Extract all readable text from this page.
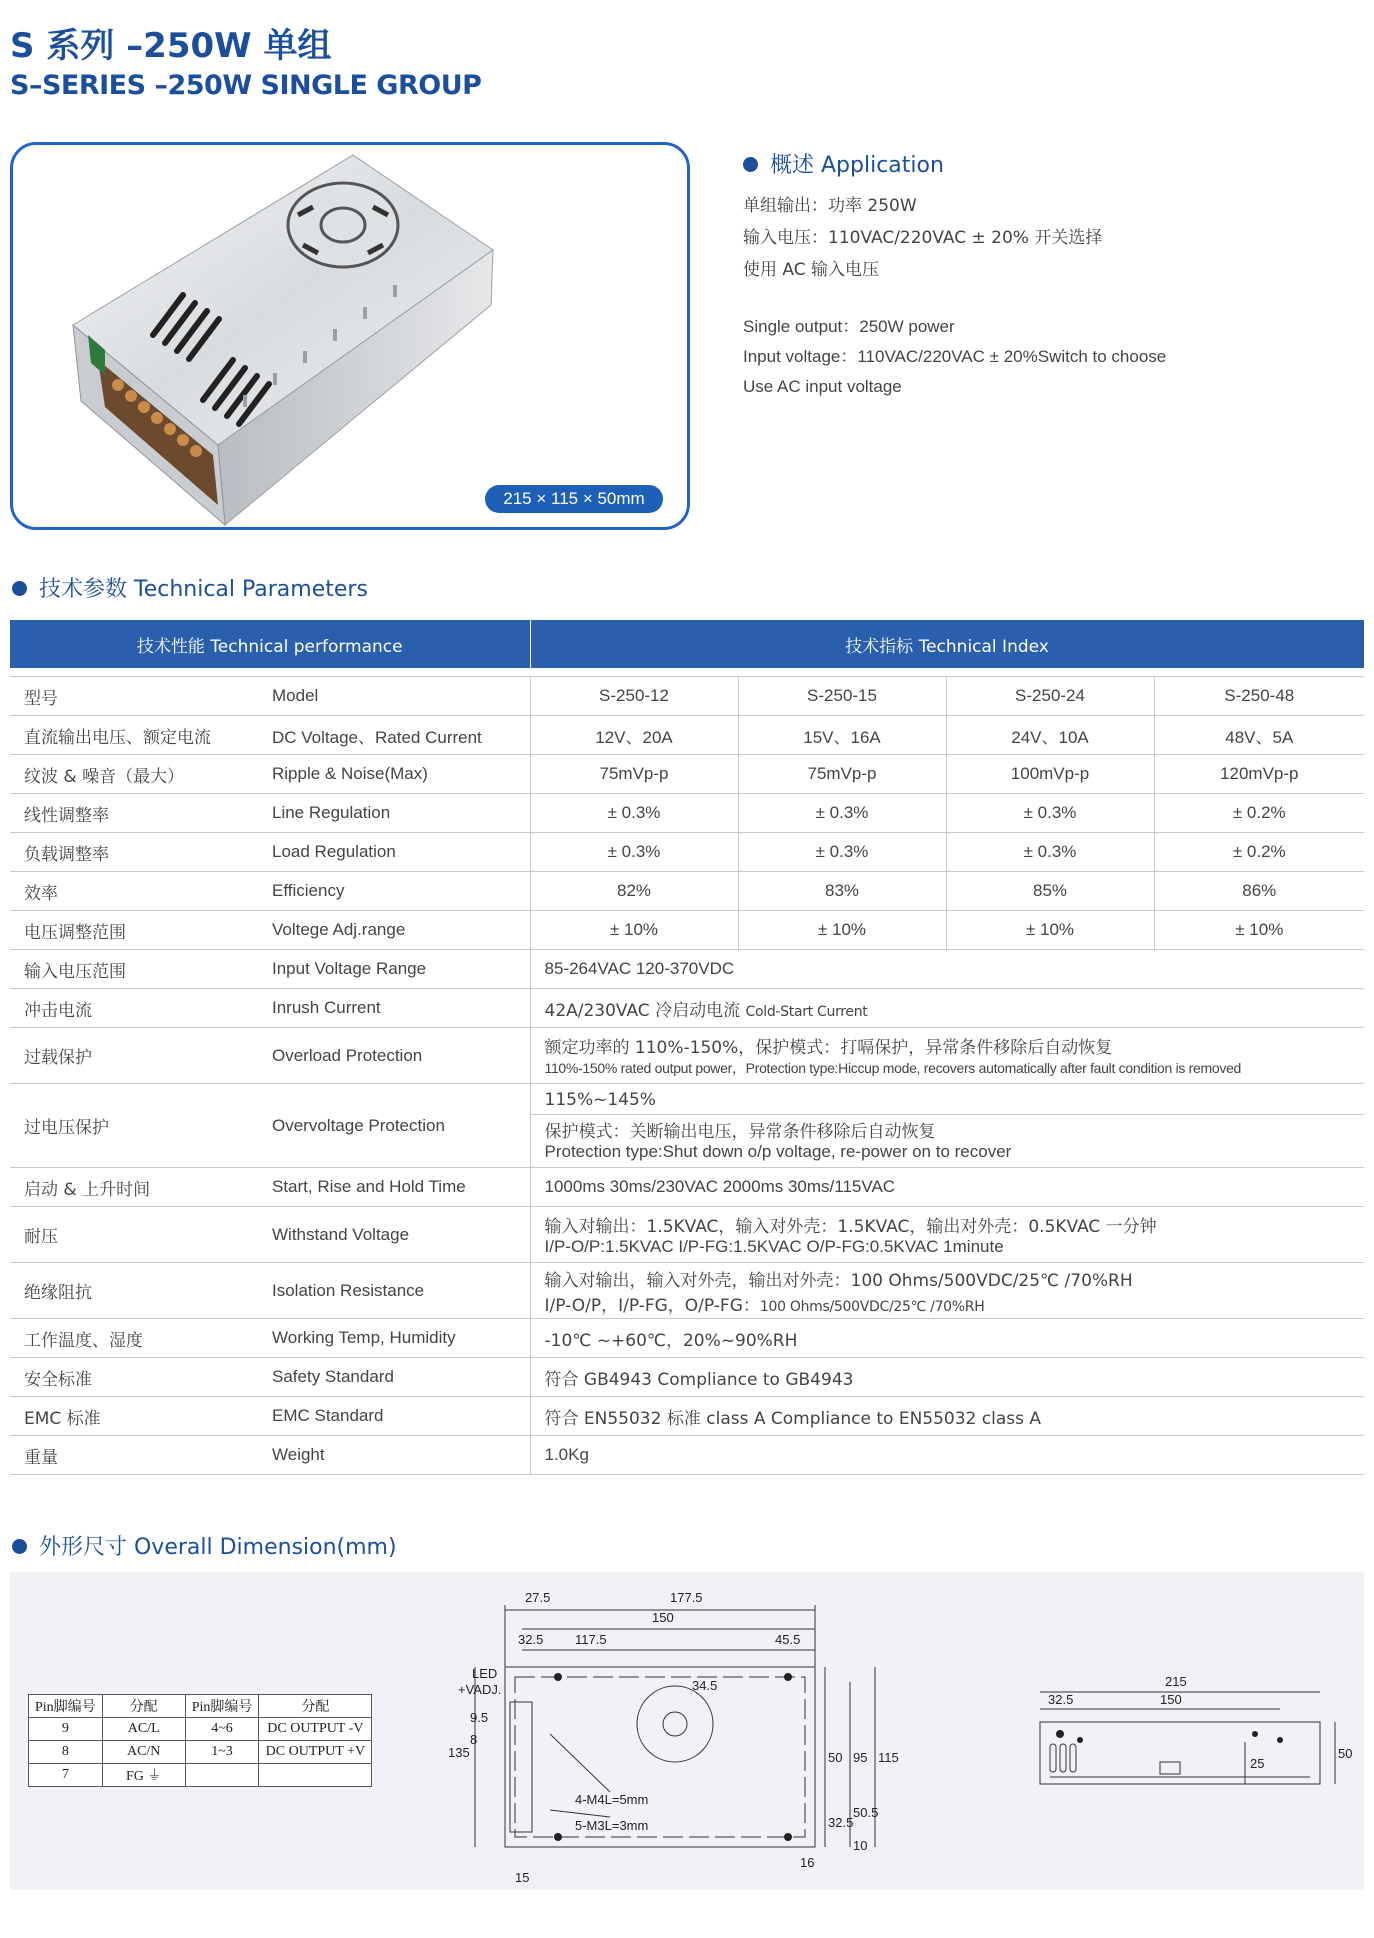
S 系列 –250W 单组
S–SERIES –250W SINGLE GROUP
215 × 115 × 50mm
概述 Application
单组输出：功率 250W
输入电压：110VAC/220VAC ± 20% 开关选择
使用 AC 输入电压
Single output：250W power
Input voltage：110VAC/220VAC ± 20%Switch to choose
Use AC input voltage
技术参数 Technical Parameters
技术性能 Technical performance		技术指标 Technical Index			

型号	Model	S-250-12	S-250-15	S-250-24	S-250-48
直流输出电压、额定电流	DC Voltage、Rated Current	12V、20A	15V、16A	24V、10A	48V、5A
纹波 & 噪音（最大）	Ripple & Noise(Max)	75mVp-p	75mVp-p	100mVp-p	120mVp-p
线性调整率	Line Regulation	± 0.3%	± 0.3%	± 0.3%	± 0.2%
负载调整率	Load Regulation	± 0.3%	± 0.3%	± 0.3%	± 0.2%
效率	Efficiency	82%	83%	85%	86%
电压调整范围	Voltege Adj.range	± 10%	± 10%	± 10%	± 10%
输入电压范围	Input Voltage Range	85-264VAC 120-370VDC			
冲击电流	Inrush Current	42A/230VAC 冷启动电流 Cold-Start Current			
过载保护	Overload Protection	额定功率的 110%-150%，保护模式：打嗝保护，异常条件移除后自动恢复
110%-150% rated output power，Protection type:Hiccup mode, recovers automatically after fault condition is removed			

过电压保护	Overvoltage Protection	115%~145%
保护模式：关断输出电压，异常条件移除后自动恢复
Protection type:Shut down o/p voltage, re-power on to recover			

启动 & 上升时间	Start, Rise and Hold Time	1000ms 30ms/230VAC 2000ms 30ms/115VAC			
耐压	Withstand Voltage	输入对输出：1.5KVAC，输入对外壳：1.5KVAC，输出对外壳：0.5KVAC 一分钟
I/P-O/P:1.5KVAC I/P-FG:1.5KVAC O/P-FG:0.5KVAC 1minute			

绝缘阻抗	Isolation Resistance	输入对输出，输入对外壳，输出对外壳：100 Ohms/500VDC/25℃ /70%RH
I/P-O/P，I/P-FG，O/P-FG：100 Ohms/500VDC/25℃ /70%RH			

工作温度、湿度	Working Temp, Humidity	-10℃ ~+60℃，20%~90%RH			
安全标准	Safety Standard	符合 GB4943 Compliance to GB4943			
EMC 标准	EMC Standard	符合 EN55032 标准 class A Compliance to EN55032 class A			
重量	Weight	1.0Kg			
外形尺寸 Overall Dimension(mm)
Pin脚编号	分配	Pin脚编号	分配
9	AC/L	4~6	DC OUTPUT -V
8	AC/N	1~3	DC OUTPUT +V
7	FG ⏚		
27.5	177.5
150
32.5 117.5	45.5
LED
+VADJ.	34.5
9.5
8
135
4-M4L=5mm
5-M3L=3mm
50 95 115
32.5
50.5
10
16
15
215
32.5	150
25
50
